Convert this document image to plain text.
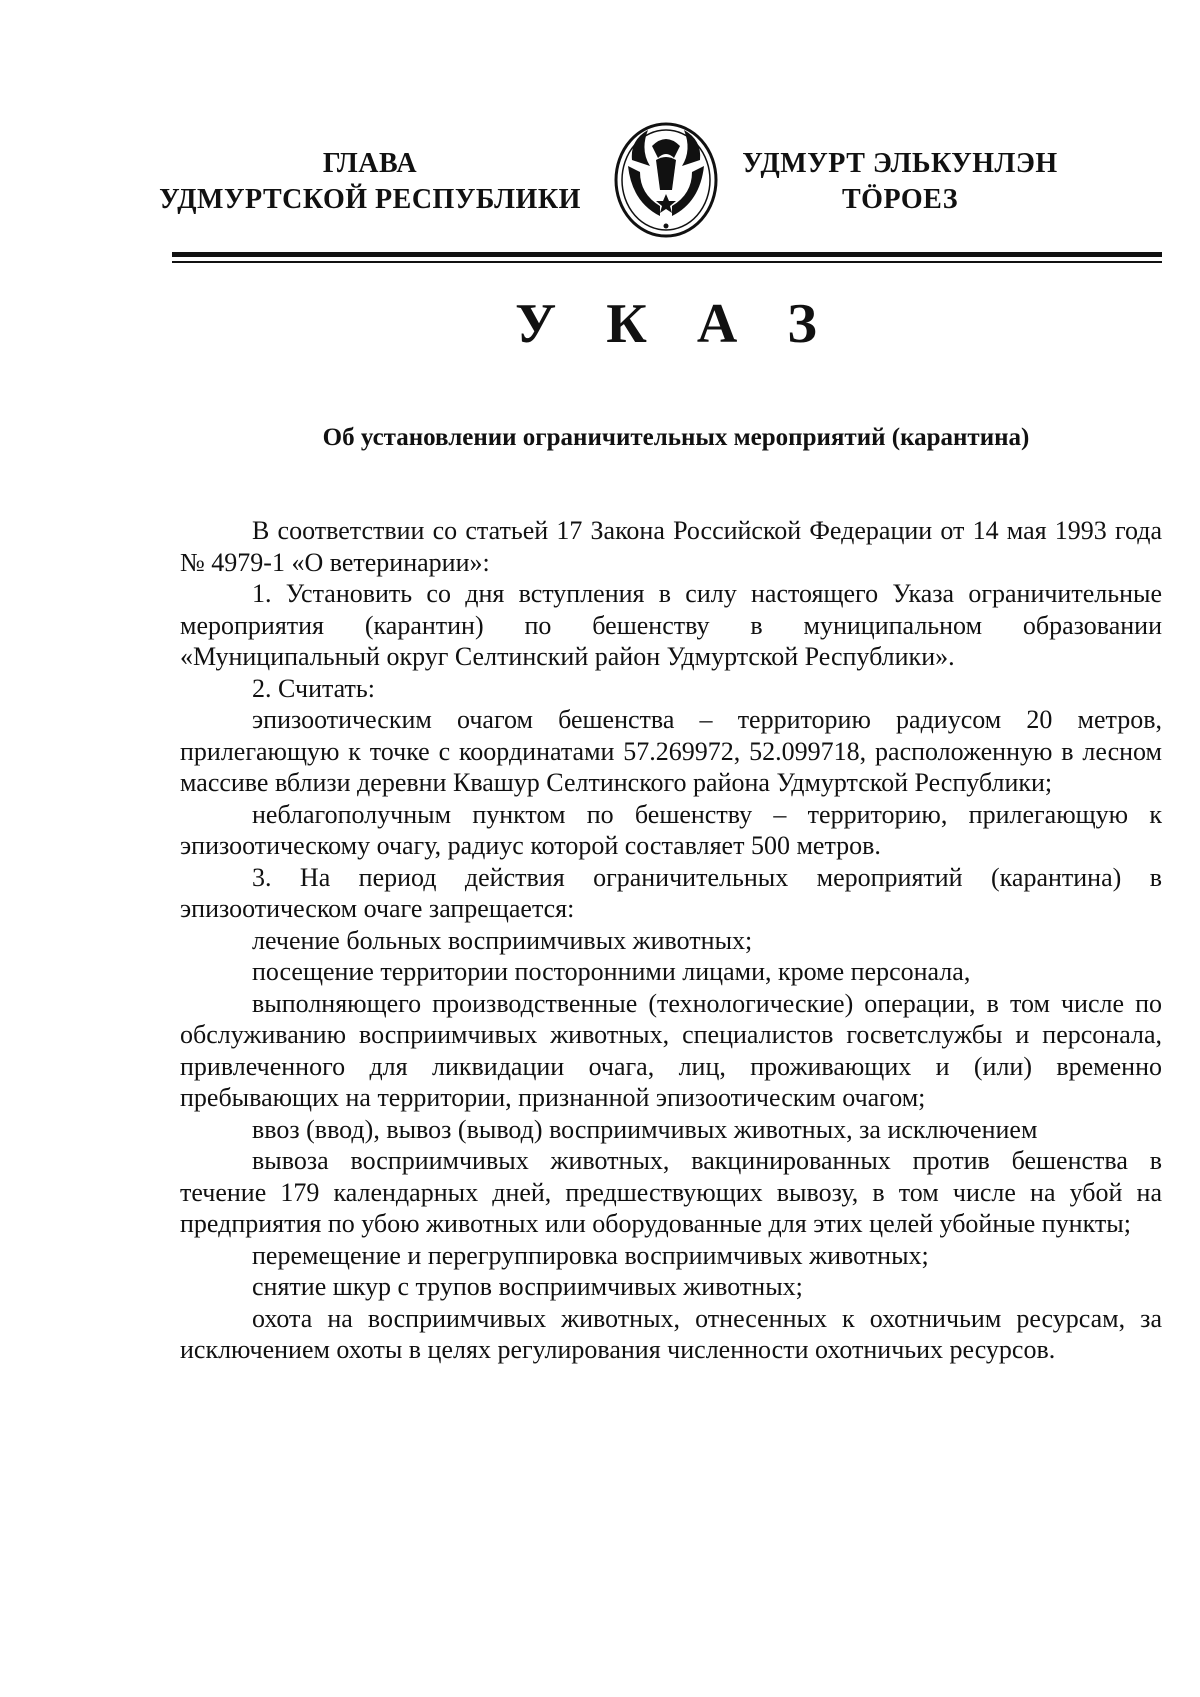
ГЛАВА
УДМУРТСКОЙ РЕСПУБЛИКИ
УДМУРТ ЭЛЬКУНЛЭН
ТӦРОЕЗ
У К А З
Об установлении ограничительных мероприятий (карантина)

В соответствии со статьей 17 Закона Российской Федерации от 14 мая 1993 года № 4979-1 «О ветеринарии»:

1. Установить со дня вступления в силу настоящего Указа ограничительные мероприятия (карантин) по бешенству в муниципальном образовании «Муниципальный округ Селтинский район Удмуртской Республики».

2. Считать:

эпизоотическим очагом бешенства – территорию радиусом 20 метров, прилегающую к точке с координатами 57.269972, 52.099718, расположенную в лесном массиве вблизи деревни Квашур Селтинского района Удмуртской Республики;

неблагополучным пунктом по бешенству – территорию, прилегающую к эпизоотическому очагу, радиус которой составляет 500 метров.

3. На период действия ограничительных мероприятий (карантина) в эпизоотическом очаге запрещается:

лечение больных восприимчивых животных;

посещение территории посторонними лицами, кроме персонала,

выполняющего производственные (технологические) операции, в том числе по обслуживанию восприимчивых животных, специалистов госветслужбы и персонала, привлеченного для ликвидации очага, лиц, проживающих и (или) временно пребывающих на территории, признанной эпизоотическим очагом;

ввоз (ввод), вывоз (вывод) восприимчивых животных, за исключением

вывоза восприимчивых животных, вакцинированных против бешенства в течение 179 календарных дней, предшествующих вывозу, в том числе на убой на предприятия по убою животных или оборудованные для этих целей убойные пункты;

перемещение и перегруппировка восприимчивых животных;

снятие шкур с трупов восприимчивых животных;

охота на восприимчивых животных, отнесенных к охотничьим ресурсам, за исключением охоты в целях регулирования численности охотничьих ресурсов.
